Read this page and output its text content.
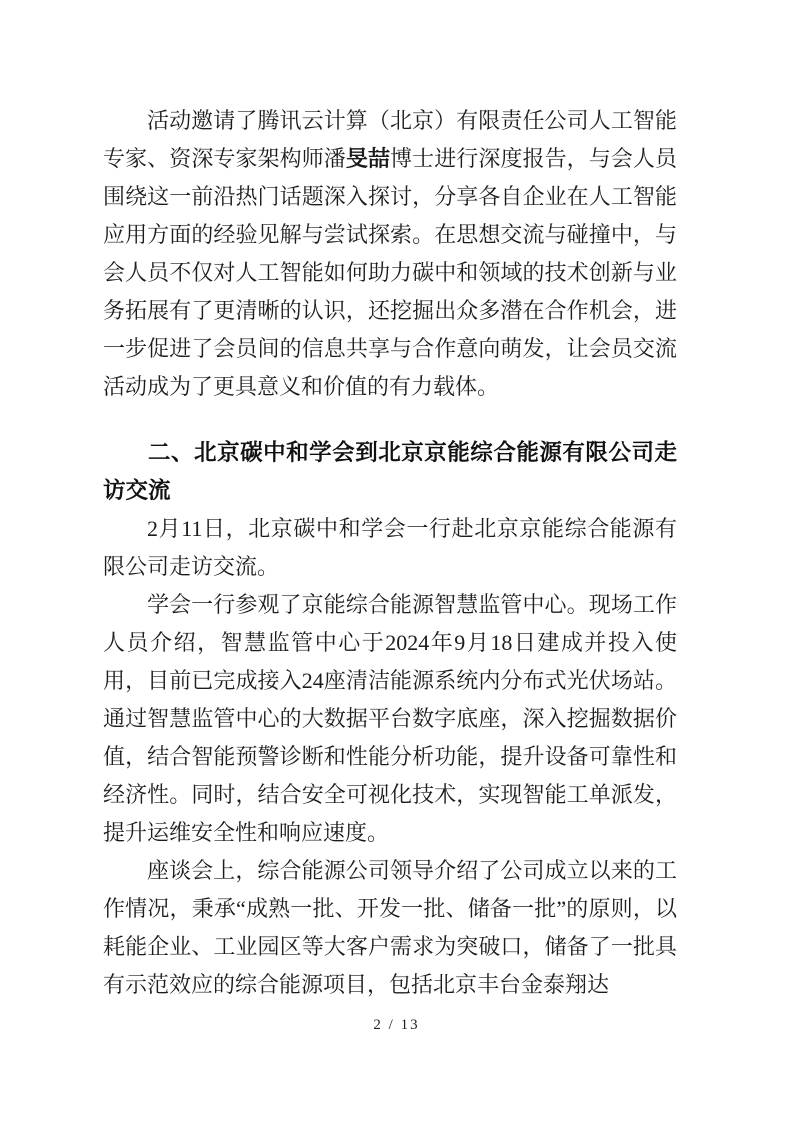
活动邀请了腾讯云计算（北京）有限责任公司人工智能专家、资深专家架构师潘旻喆博士进行深度报告，与会人员围绕这一前沿热门话题深入探讨，分享各自企业在人工智能应用方面的经验见解与尝试探索。在思想交流与碰撞中，与会人员不仅对人工智能如何助力碳中和领域的技术创新与业务拓展有了更清晰的认识，还挖掘出众多潜在合作机会，进一步促进了会员间的信息共享与合作意向萌发，让会员交流活动成为了更具意义和价值的有力载体。

二、北京碳中和学会到北京京能综合能源有限公司走访交流

2月11日，北京碳中和学会一行赴北京京能综合能源有限公司走访交流。

学会一行参观了京能综合能源智慧监管中心。现场工作人员介绍，智慧监管中心于2024年9月18日建成并投入使用，目前已完成接入24座清洁能源系统内分布式光伏场站。通过智慧监管中心的大数据平台数字底座，深入挖掘数据价值，结合智能预警诊断和性能分析功能，提升设备可靠性和经济性。同时，结合安全可视化技术，实现智能工单派发，提升运维安全性和响应速度。

座谈会上，综合能源公司领导介绍了公司成立以来的工作情况，秉承“成熟一批、开发一批、储备一批”的原则，以耗能企业、工业园区等大客户需求为突破口，储备了一批具有示范效应的综合能源项目，包括北京丰台金泰翔达

2 / 13
